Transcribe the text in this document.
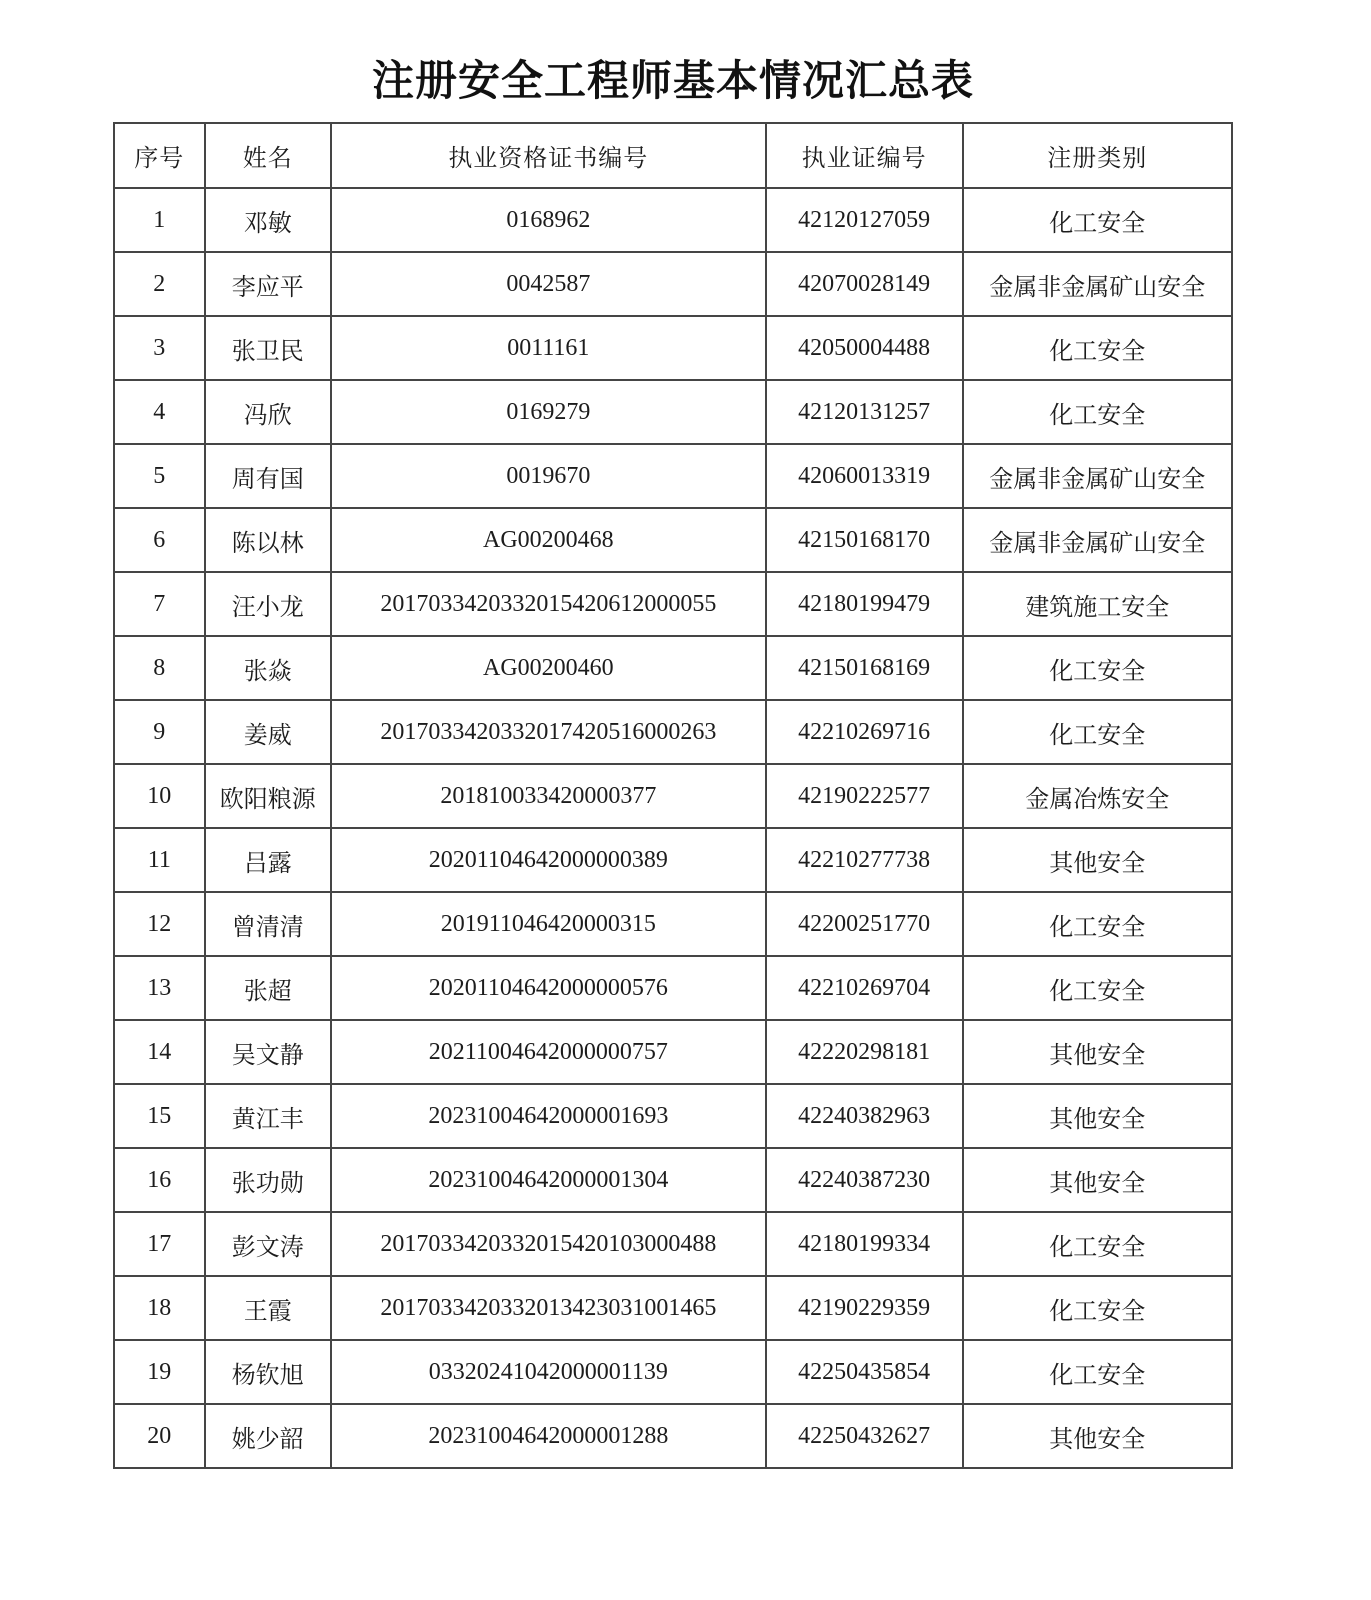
注册安全工程师基本情况汇总表
序号	姓名	执业资格证书编号	执业证编号	注册类别
1	邓敏	0168962	42120127059	化工安全
2	李应平	0042587	42070028149	金属非金属矿山安全
3	张卫民	0011161	42050004488	化工安全
4	冯欣	0169279	42120131257	化工安全
5	周有国	0019670	42060013319	金属非金属矿山安全
6	陈以林	AG00200468	42150168170	金属非金属矿山安全
7	汪小龙	2017033420332015420612000055	42180199479	建筑施工安全
8	张焱	AG00200460	42150168169	化工安全
9	姜威	2017033420332017420516000263	42210269716	化工安全
10	欧阳粮源	201810033420000377	42190222577	金属冶炼安全
11	吕露	20201104642000000389	42210277738	其他安全
12	曾清清	201911046420000315	42200251770	化工安全
13	张超	20201104642000000576	42210269704	化工安全
14	吴文静	20211004642000000757	42220298181	其他安全
15	黄江丰	20231004642000001693	42240382963	其他安全
16	张功勋	20231004642000001304	42240387230	其他安全
17	彭文涛	2017033420332015420103000488	42180199334	化工安全
18	王霞	2017033420332013423031001465	42190229359	化工安全
19	杨钦旭	03320241042000001139	42250435854	化工安全
20	姚少韶	20231004642000001288	42250432627	其他安全
